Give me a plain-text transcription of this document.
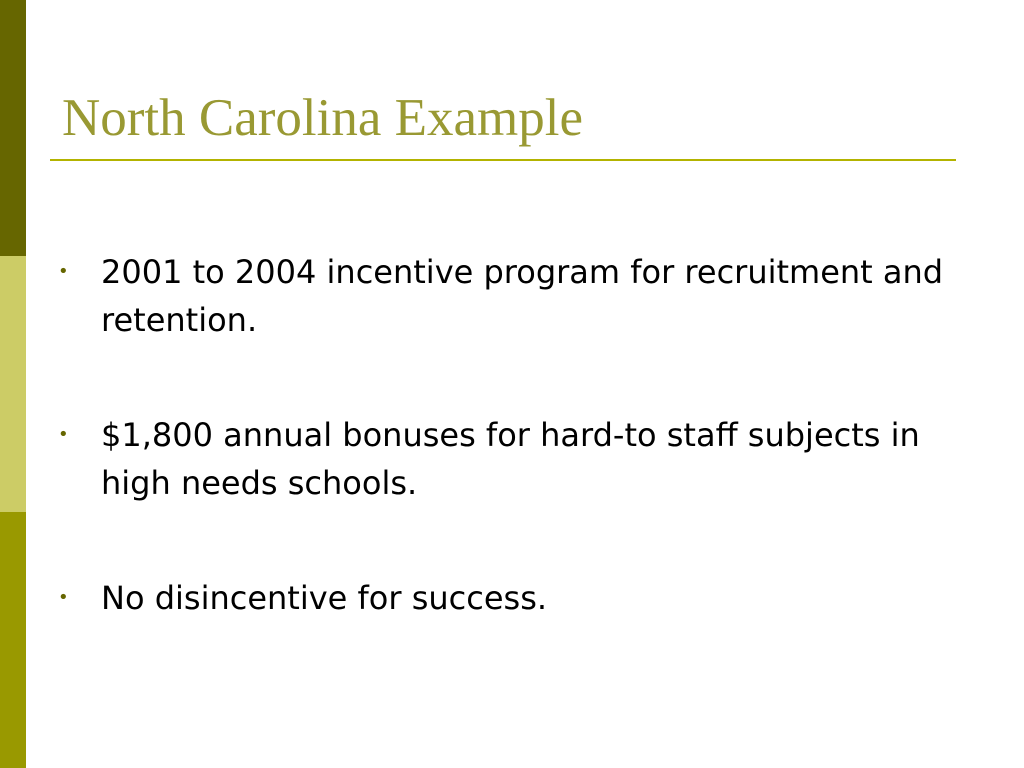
North Carolina Example
• 2001 to 2004 incentive program for recruitment and retention.
• $1,800 annual bonuses for hard-to staff subjects in high needs schools.
• No disincentive for success.
